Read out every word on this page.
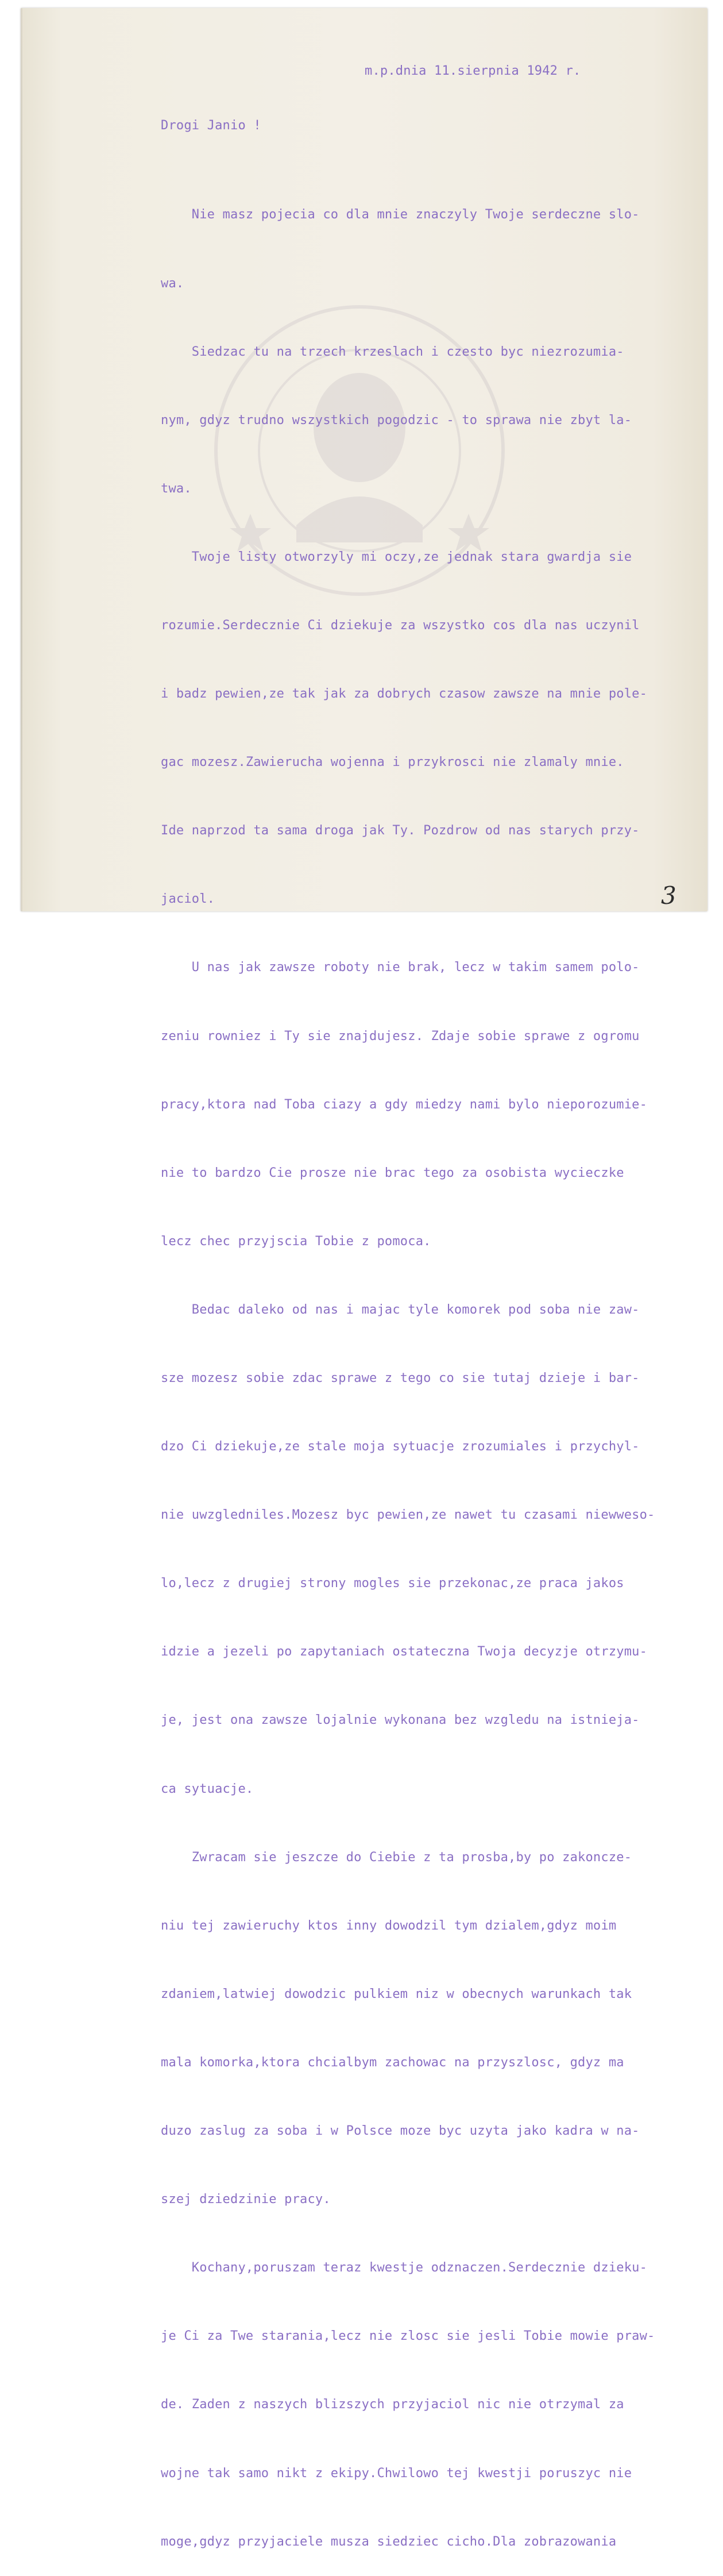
3
m.p.dnia 11.sierpnia 1942 r.
Drogi Janio !

Nie masz pojecia co dla mnie znaczyly Twoje serdeczne slo-

wa.

Siedzac tu na trzech krzeslach i czesto byc niezrozumia-

nym, gdyz trudno wszystkich pogodzic - to sprawa nie zbyt la-

twa.

Twoje listy otworzyly mi oczy,ze jednak stara gwardja sie

rozumie.Serdecznie Ci dziekuje za wszystko cos dla nas uczynil

i badz pewien,ze tak jak za dobrych czasow zawsze na mnie pole-

gac mozesz.Zawierucha wojenna i przykrosci nie zlamaly mnie.

Ide naprzod ta sama droga jak Ty. Pozdrow od nas starych przy-

jaciol.

U nas jak zawsze roboty nie brak, lecz w takim samem polo-

zeniu rowniez i Ty sie znajdujesz. Zdaje sobie sprawe z ogromu

pracy,ktora nad Toba ciazy a gdy miedzy nami bylo nieporozumie-

nie to bardzo Cie prosze nie brac tego za osobista wycieczke

lecz chec przyjscia Tobie z pomoca.

Bedac daleko od nas i majac tyle komorek pod soba nie zaw-

sze mozesz sobie zdac sprawe z tego co sie tutaj dzieje i bar-

dzo Ci dziekuje,ze stale moja sytuacje zrozumiales i przychyl-

nie uwzgledniles.Mozesz byc pewien,ze nawet tu czasami niewweso-

lo,lecz z drugiej strony mogles sie przekonac,ze praca jakos

idzie a jezeli po zapytaniach ostateczna Twoja decyzje otrzymu-

je, jest ona zawsze lojalnie wykonana bez wzgledu na istnieja-

ca sytuacje.

Zwracam sie jeszcze do Ciebie z ta prosba,by po zakoncze-

niu tej zawieruchy ktos inny dowodzil tym dzialem,gdyz moim

zdaniem,latwiej dowodzic pulkiem niz w obecnych warunkach tak

mala komorka,ktora chcialbym zachowac na przyszlosc, gdyz ma

duzo zaslug za soba i w Polsce moze byc uzyta jako kadra w na-

szej dziedzinie pracy.

Kochany,poruszam teraz kwestje odznaczen.Serdecznie dzieku-

je Ci za Twe starania,lecz nie zlosc sie jesli Tobie mowie praw-

de. Zaden z naszych blizszych przyjaciol nic nie otrzymal za

wojne tak samo nikt z ekipy.Chwilowo tej kwestji poruszyc nie

moge,gdyz przyjaciele musza siedziec cicho.Dla zobrazowania
